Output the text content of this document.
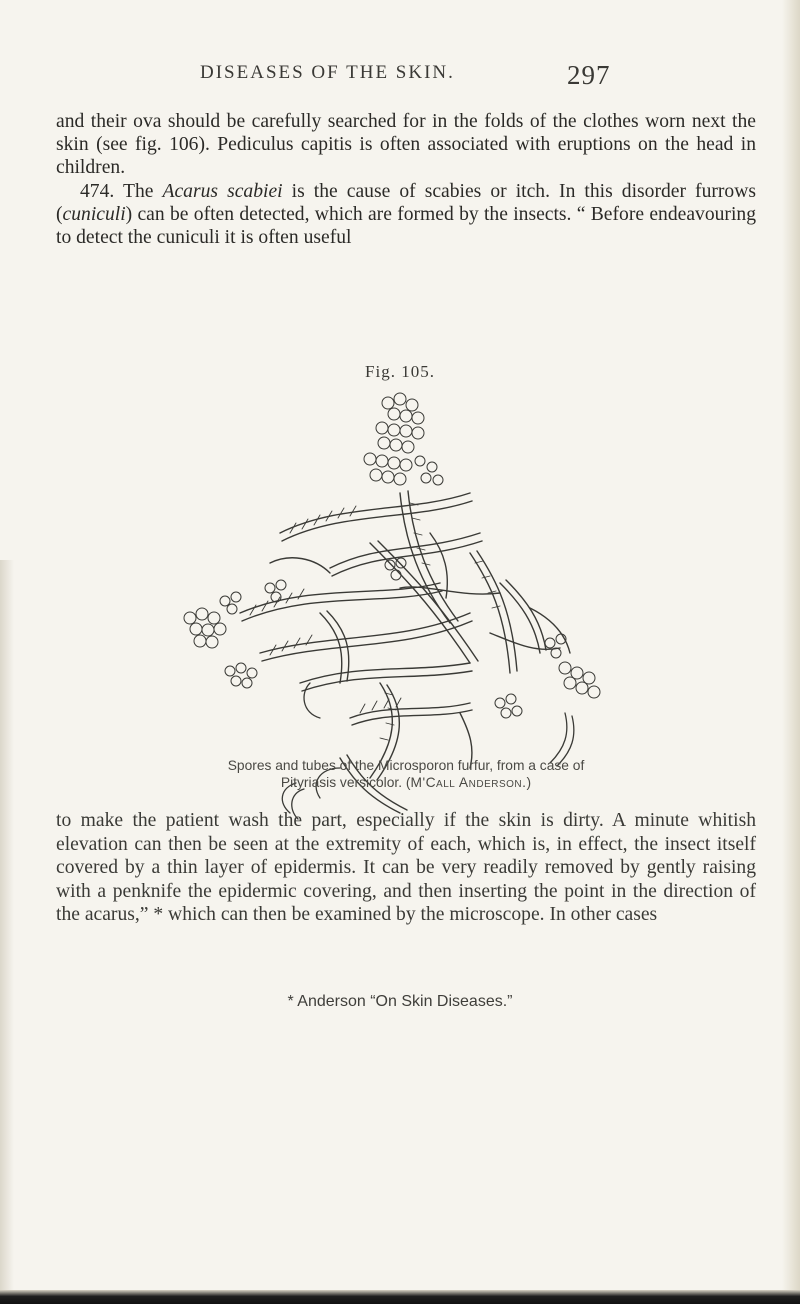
DISEASES OF THE SKIN.	297

and their ova should be carefully searched for in the folds of the clothes worn next the skin (see fig. 106). Pediculus capitis is often associated with eruptions on the head in children.

474. The Acarus scabiei is the cause of scabies or itch. In this disorder furrows (cuniculi) can be often detected, which are formed by the insects. “ Before endeavouring to detect the cuniculi it is often useful

Fig. 105.
Spores and tubes of the Microsporon furfur, from a case of
Pityriasis versicolor. (M'Call Anderson.)

to make the patient wash the part, especially if the skin is dirty. A minute whitish elevation can then be seen at the extremity of each, which is, in effect, the insect itself covered by a thin layer of epidermis. It can be very readily removed by gently raising with a penknife the epidermic covering, and then inserting the point in the direction of the acarus,” * which can then be examined by the microscope. In other cases

* Anderson “On Skin Diseases.”
